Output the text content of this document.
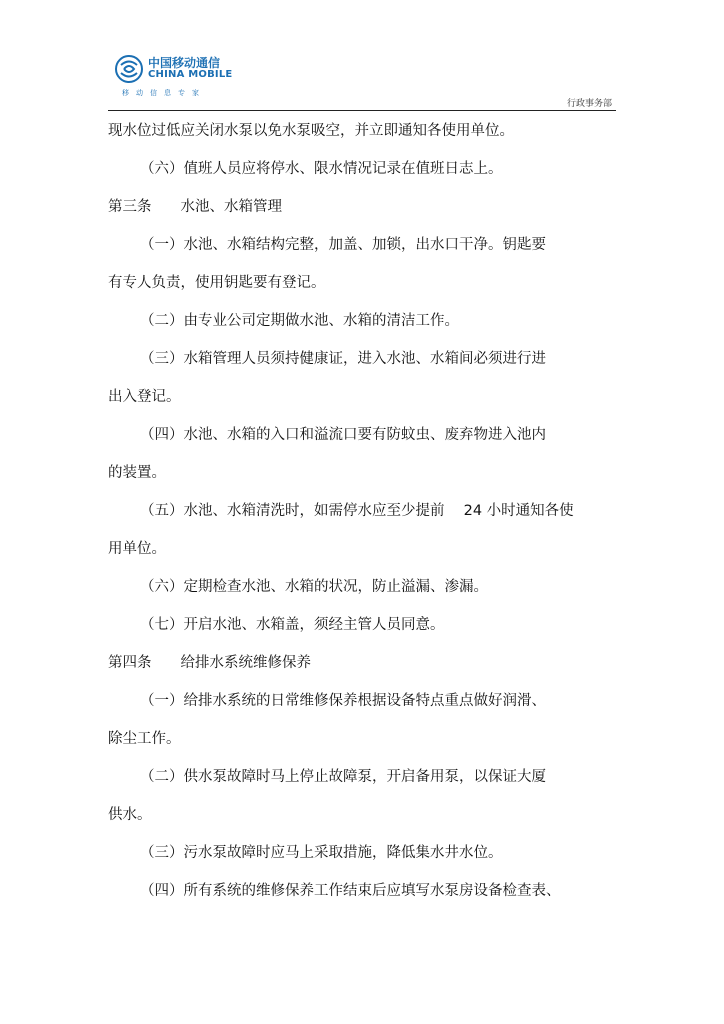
中国移动通信
CHINA MOBILE
移动信息专家
行政事务部
现水位过低应关闭水泵以免水泵吸空，并立即通知各使用单位。
（六）值班人员应将停水、限水情况记录在值班日志上。
第三条　　水池、水箱管理
（一）水池、水箱结构完整，加盖、加锁，出水口干净。钥匙要
有专人负责，使用钥匙要有登记。
（二）由专业公司定期做水池、水箱的清洁工作。
（三）水箱管理人员须持健康证，进入水池、水箱间必须进行进
出入登记。
（四）水池、水箱的入口和溢流口要有防蚊虫、废弃物进入池内
的装置。
（五）水池、水箱清洗时，如需停水应至少提前　 24 小时通知各使
用单位。
（六）定期检查水池、水箱的状况，防止溢漏、渗漏。
（七）开启水池、水箱盖，须经主管人员同意。
第四条　　给排水系统维修保养
（一）给排水系统的日常维修保养根据设备特点重点做好润滑、
除尘工作。
（二）供水泵故障时马上停止故障泵，开启备用泵，以保证大厦
供水。
（三）污水泵故障时应马上采取措施，降低集水井水位。
（四）所有系统的维修保养工作结束后应填写水泵房设备检查表、
